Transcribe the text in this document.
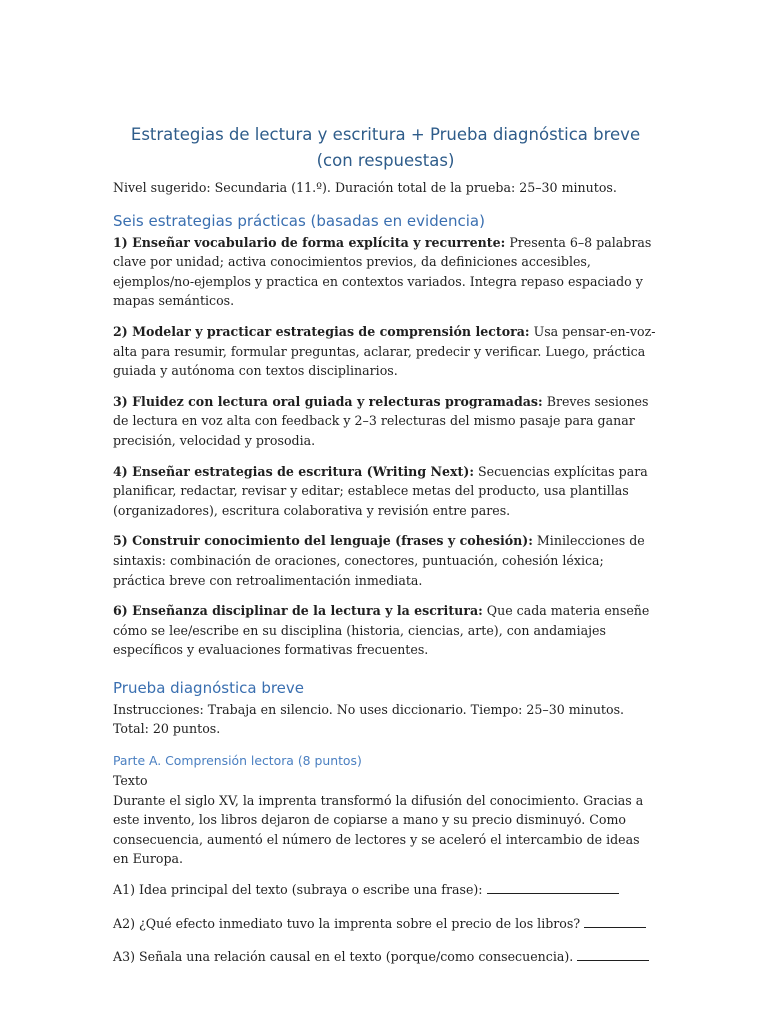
Estrategias de lectura y escritura + Prueba diagnóstica breve (con respuestas)

Nivel sugerido: Secundaria (11.º). Duración total de la prueba: 25–30 minutos.

Seis estrategias prácticas (basadas en evidencia)

1) Enseñar vocabulario de forma explícita y recurrente: Presenta 6–8 palabras clave por unidad; activa conocimientos previos, da definiciones accesibles, ejemplos/no-ejemplos y practica en contextos variados. Integra repaso espaciado y mapas semánticos.

2) Modelar y practicar estrategias de comprensión lectora: Usa pensar-en-voz-alta para resumir, formular preguntas, aclarar, predecir y verificar. Luego, práctica guiada y autónoma con textos disciplinarios.

3) Fluidez con lectura oral guiada y relecturas programadas: Breves sesiones de lectura en voz alta con feedback y 2–3 relecturas del mismo pasaje para ganar precisión, velocidad y prosodia.

4) Enseñar estrategias de escritura (Writing Next): Secuencias explícitas para planificar, redactar, revisar y editar; establece metas del producto, usa plantillas (organizadores), escritura colaborativa y revisión entre pares.

5) Construir conocimiento del lenguaje (frases y cohesión): Minilecciones de sintaxis: combinación de oraciones, conectores, puntuación, cohesión léxica; práctica breve con retroalimentación inmediata.

6) Enseñanza disciplinar de la lectura y la escritura: Que cada materia enseñe cómo se lee/escribe en su disciplina (historia, ciencias, arte), con andamiajes específicos y evaluaciones formativas frecuentes.

Prueba diagnóstica breve

Instrucciones: Trabaja en silencio. No uses diccionario. Tiempo: 25–30 minutos. Total: 20 puntos.

Parte A. Comprensión lectora (8 puntos)

Texto

Durante el siglo XV, la imprenta transformó la difusión del conocimiento. Gracias a este invento, los libros dejaron de copiarse a mano y su precio disminuyó. Como consecuencia, aumentó el número de lectores y se aceleró el intercambio de ideas en Europa.

A1) Idea principal del texto (subraya o escribe una frase):

A2) ¿Qué efecto inmediato tuvo la imprenta sobre el precio de los libros?

A3) Señala una relación causal en el texto (porque/como consecuencia).
